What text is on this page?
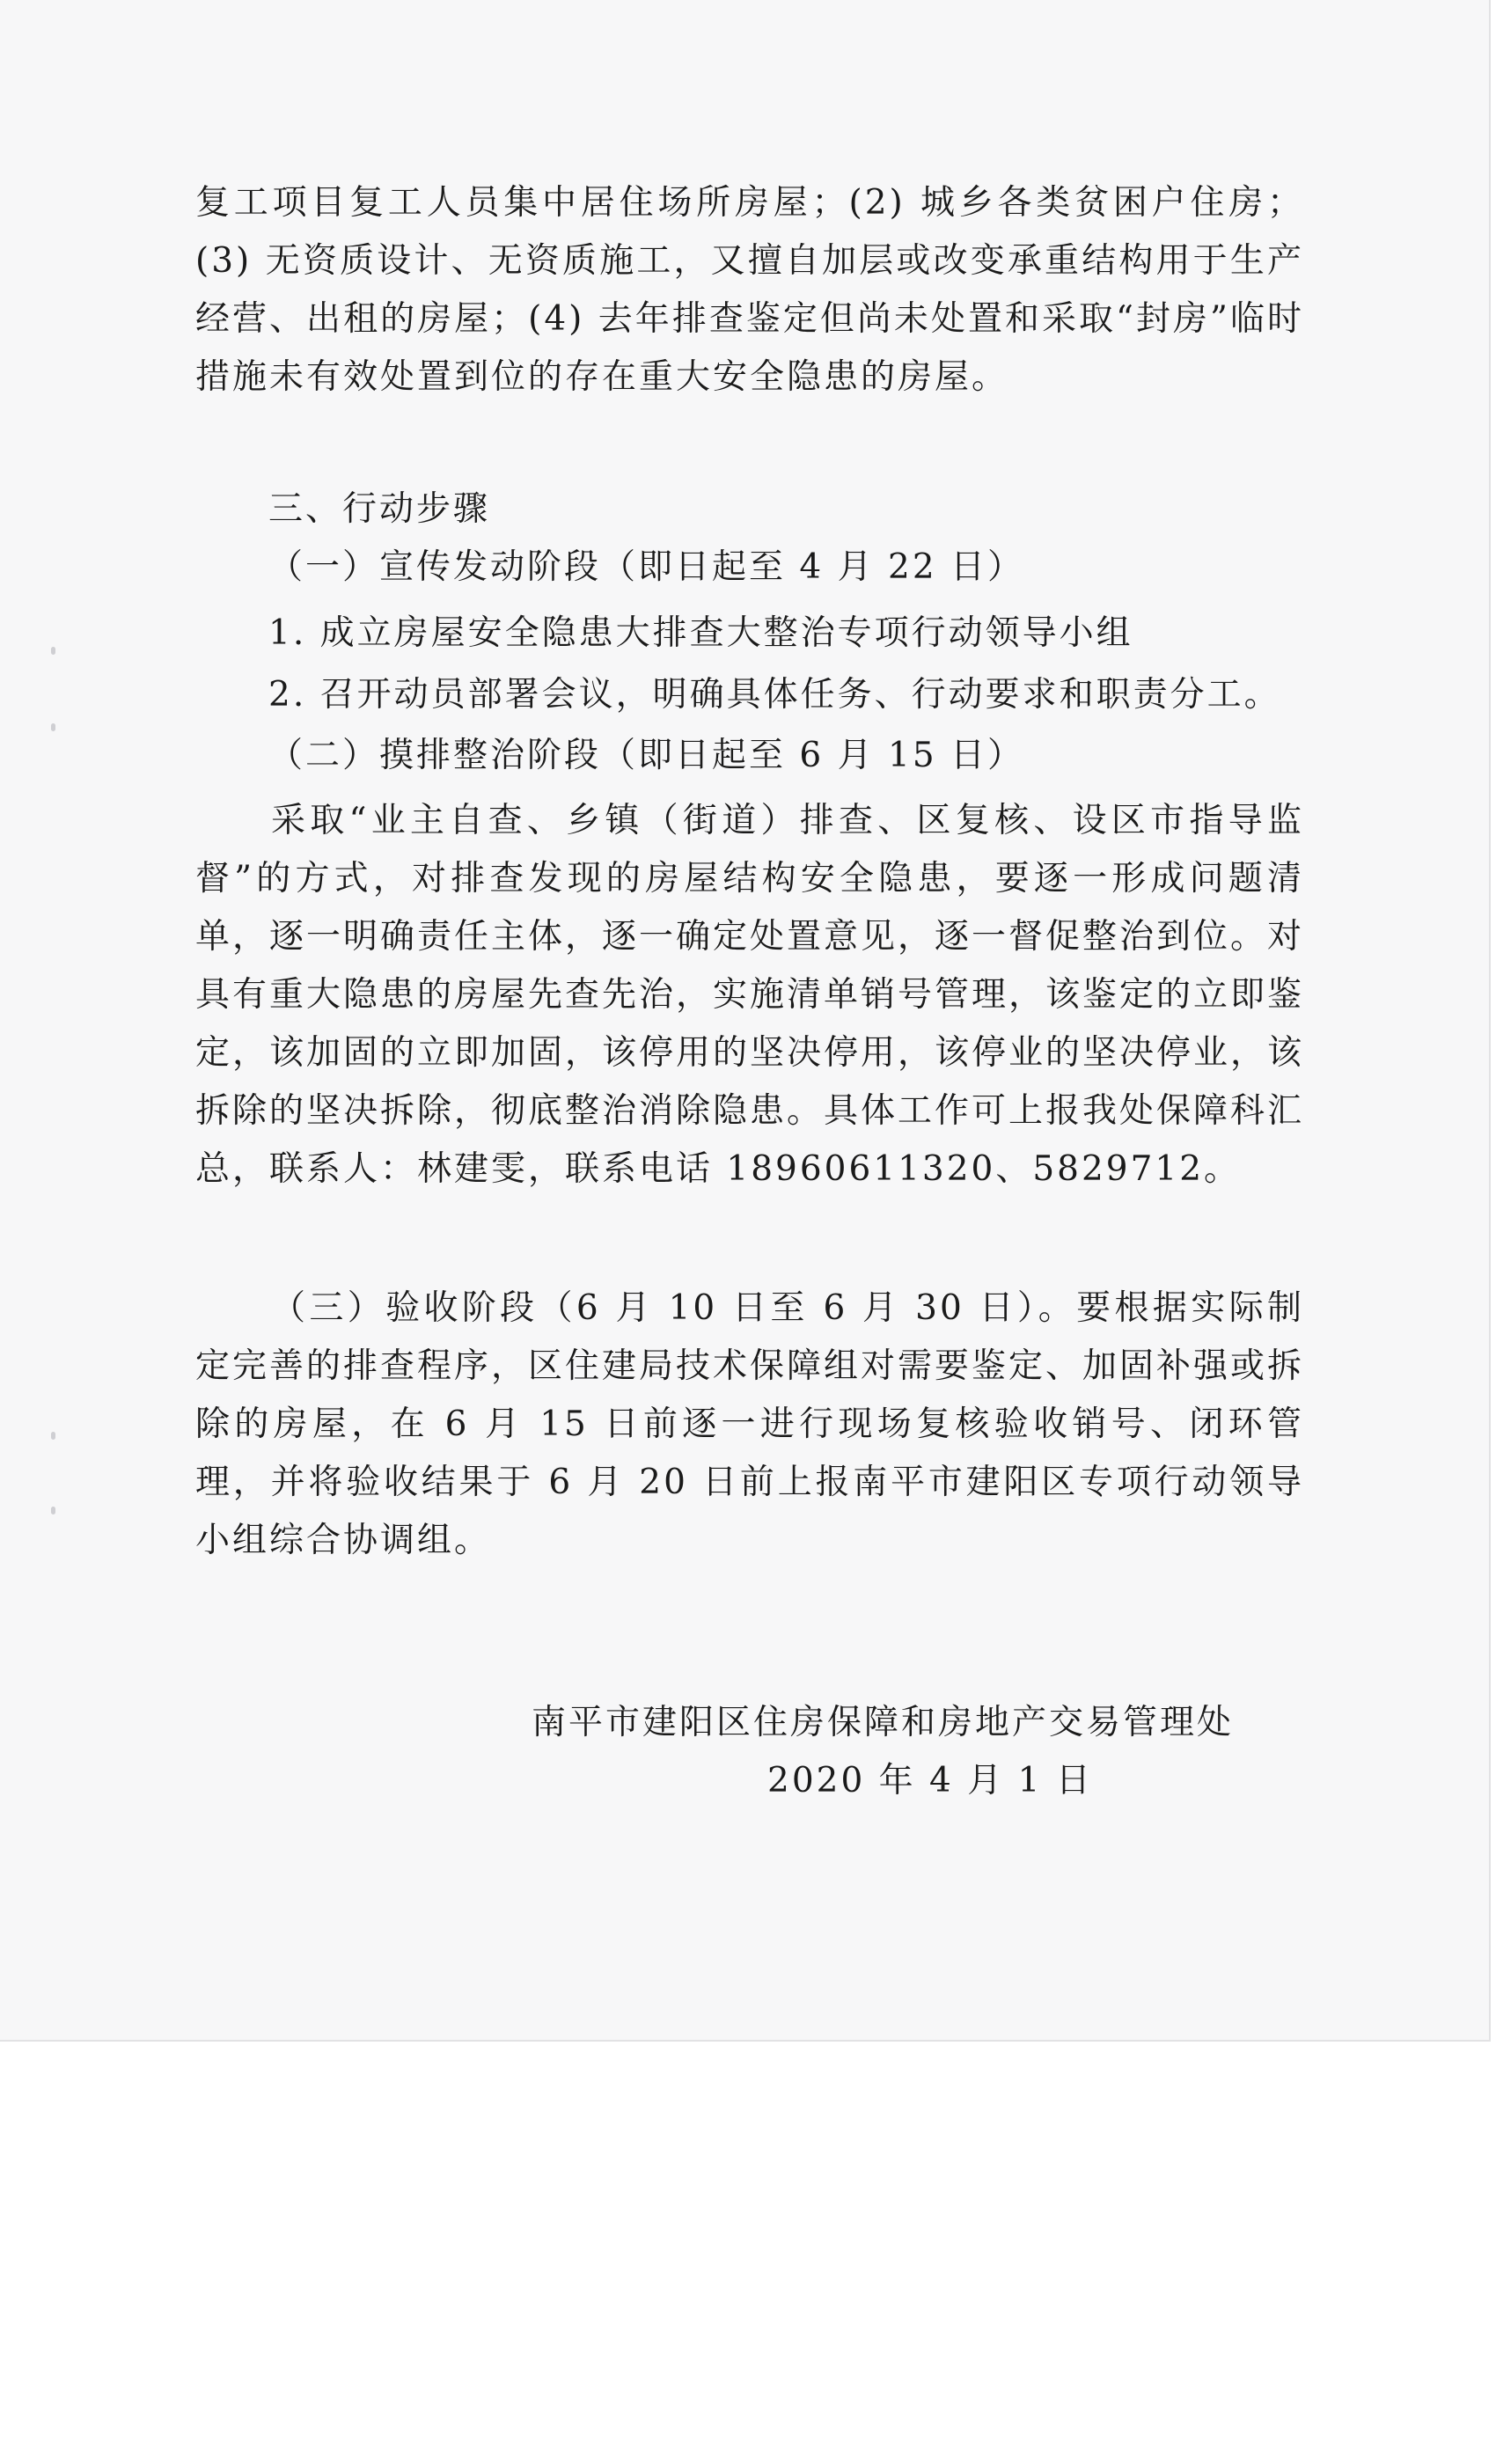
复工项目复工人员集中居住场所房屋；(2) 城乡各类贫困户住房；(3) 无资质设计、无资质施工，又擅自加层或改变承重结构用于生产经营、出租的房屋；(4) 去年排查鉴定但尚未处置和采取“封房”临时措施未有效处置到位的存在重大安全隐患的房屋。
三、行动步骤
（一）宣传发动阶段（即日起至 4 月 22 日）
1. 成立房屋安全隐患大排查大整治专项行动领导小组
2. 召开动员部署会议，明确具体任务、行动要求和职责分工。
（二）摸排整治阶段（即日起至 6 月 15 日）
采取“业主自查、乡镇（街道）排查、区复核、设区市指导监督”的方式，对排查发现的房屋结构安全隐患，要逐一形成问题清单，逐一明确责任主体，逐一确定处置意见，逐一督促整治到位。对具有重大隐患的房屋先查先治，实施清单销号管理，该鉴定的立即鉴定，该加固的立即加固，该停用的坚决停用，该停业的坚决停业，该拆除的坚决拆除，彻底整治消除隐患。具体工作可上报我处保障科汇总，联系人：林建雯，联系电话 18960611320、5829712。
（三）验收阶段（6 月 10 日至 6 月 30 日）。要根据实际制定完善的排查程序，区住建局技术保障组对需要鉴定、加固补强或拆除的房屋，在 6 月 15 日前逐一进行现场复核验收销号、闭环管理，并将验收结果于 6 月 20 日前上报南平市建阳区专项行动领导小组综合协调组。
南平市建阳区住房保障和房地产交易管理处
2020 年 4 月 1 日
